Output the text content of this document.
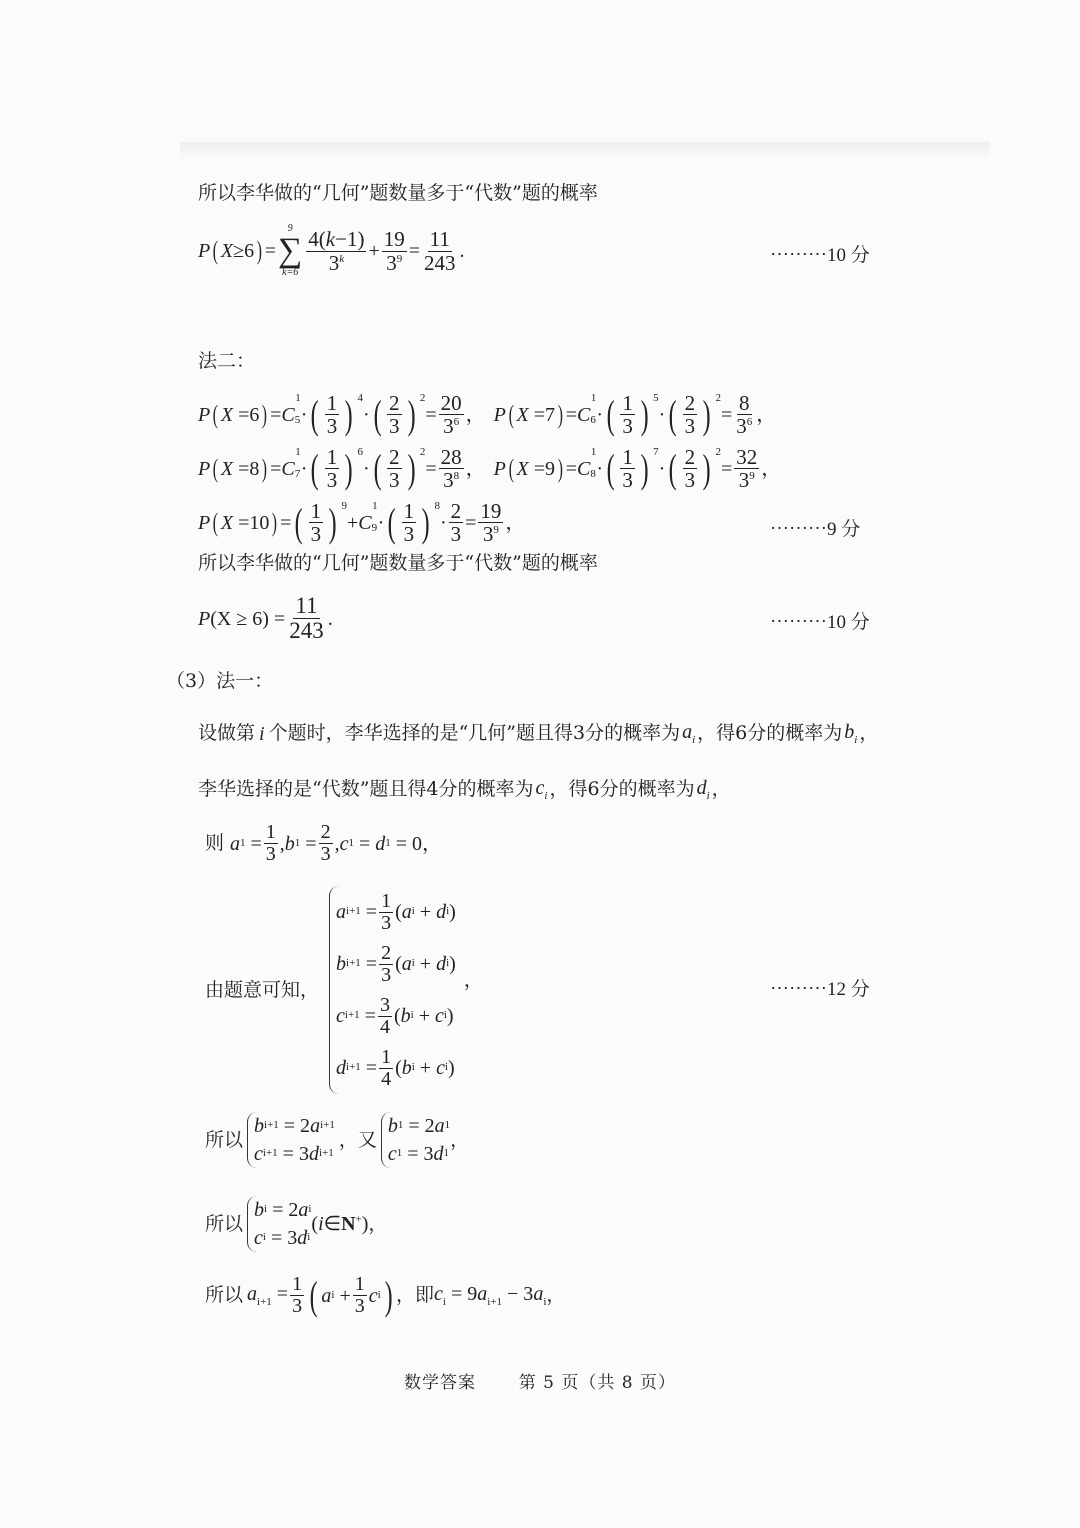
所以李华做的“几何”题数量多于“代数”题的概率
P ( X ≥6 ) =
9
∑
$k=6 \frac{4(k-1)}{3^k} + \frac{19}{3^9} = \frac{11}{243}$ .	⋯⋯⋯10 分
法二：
P ( X =6 ) = C 5
1
· ( $\frac{1}{3}$ ) 4
· ( $\frac{2}{3}$ ) 2
= $\frac{20}{3^6}$ ， P ( X =7 ) = C 6
1
· ( $\frac{1}{3}$ ) 5
· ( $\frac{2}{3}$ ) 2
= $\frac{8}{3^6}$ ，
P ( X =8 ) = C 7
1
· ( $\frac{1}{3}$ ) 6
· ( $\frac{2}{3}$ ) 2
= $\frac{28}{3^8}$ ， P ( X =9 ) = C 8
1
· ( $\frac{1}{3}$ ) 7
· ( $\frac{2}{3}$ ) 2
= $\frac{32}{3^9}$ ，
P ( X =10 ) = ( $\frac{1}{3}$ ) 9
+ C 9
1
· ( $\frac{1}{3}$ ) 8
· $\frac{2}{3} = \frac{19}{3^9}$ ，	⋯⋯⋯9 分
所以李华做的“几何”题数量多于“代数”题的概率
P $(X \ge 6) = \frac{11}{243}$ .	⋯⋯⋯10 分
（3）法一：
设做第 i 个题时，李华选择的是“几何”题且得3分的概率为 $a_i$ ，得6分的概率为 $b_i$ ，
李华选择的是“代数”题且得4分的概率为 $c_i$ ，得6分的概率为 $d_i$ ，
则 a $1 = \frac{1}{3}$ , b $1 = \frac{2}{3}$ , c 1 = d 1 = 0，
由题意可知，
a $i+1 = \frac{1}{3}$ ( a i + d i )
b $i+1 = \frac{2}{3}$ ( a i + d i )
c $i+1 = \frac{3}{4}$ ( b i + c i )
d $i+1 = \frac{1}{4}$ ( b i + c i )
，	⋯⋯⋯12 分
所以
b i+1 = 2 a i+1
c i+1 = 3 d i+1
，又
b 1 = 2 a 1
c 1 = 3 d 1
，
所以
b i = 2 a i
c i = 3 d i
(i∈N+) ，
所以 $a_{i+1} = \frac{1}{3}$ ( a $i + \frac{1}{3}$ c i ) ，即 $c_i = 9a_{i+1} - 3a_i$ ，
数学答案	第 5 页（共 8 页）
